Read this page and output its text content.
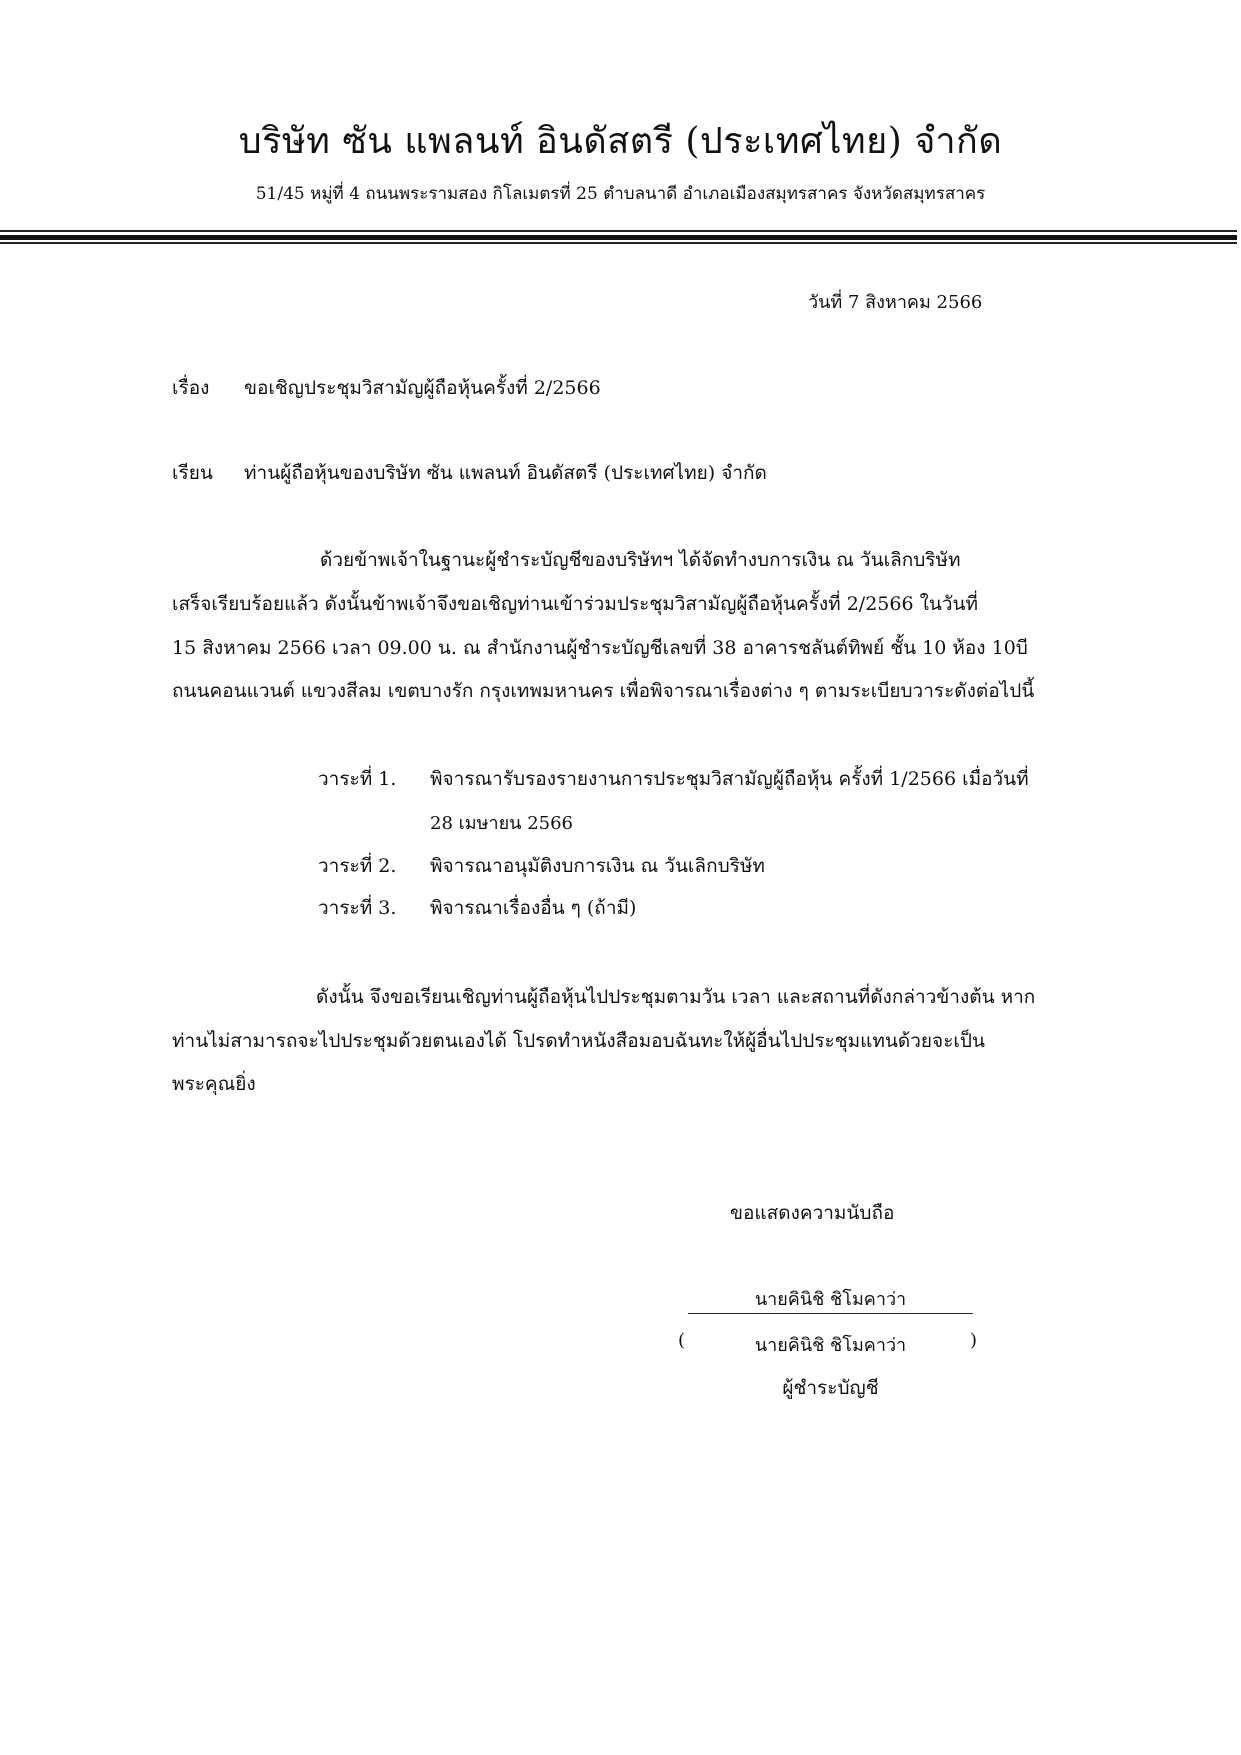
บริษัท ซัน แพลนท์ อินดัสตรี (ประเทศไทย) จำกัด
51/45 หมู่ที่ 4 ถนนพระรามสอง กิโลเมตรที่ 25 ตำบลนาดี อำเภอเมืองสมุทรสาคร จังหวัดสมุทรสาคร
วันที่ 7 สิงหาคม 2566
เรื่อง ขอเชิญประชุมวิสามัญผู้ถือหุ้นครั้งที่ 2/2566
เรียน ท่านผู้ถือหุ้นของบริษัท ซัน แพลนท์ อินดัสตรี (ประเทศไทย) จำกัด
ด้วยข้าพเจ้าในฐานะผู้ชำระบัญชีของบริษัทฯ ได้จัดทำงบการเงิน ณ วันเลิกบริษัท
เสร็จเรียบร้อยแล้ว ดังนั้นข้าพเจ้าจึงขอเชิญท่านเข้าร่วมประชุมวิสามัญผู้ถือหุ้นครั้งที่ 2/2566 ในวันที่
15 สิงหาคม 2566 เวลา 09.00 น. ณ สำนักงานผู้ชำระบัญชีเลขที่ 38 อาคารชลันต์ทิพย์ ชั้น 10 ห้อง 10บี
ถนนคอนแวนต์ แขวงสีลม เขตบางรัก กรุงเทพมหานคร เพื่อพิจารณาเรื่องต่าง ๆ ตามระเบียบวาระดังต่อไปนี้
วาระที่ 1. พิจารณารับรองรายงานการประชุมวิสามัญผู้ถือหุ้น ครั้งที่ 1/2566 เมื่อวันที่
28 เมษายน 2566
วาระที่ 2. พิจารณาอนุมัติงบการเงิน ณ วันเลิกบริษัท
วาระที่ 3. พิจารณาเรื่องอื่น ๆ (ถ้ามี)
ดังนั้น จึงขอเรียนเชิญท่านผู้ถือหุ้นไปประชุมตามวัน เวลา และสถานที่ดังกล่าวข้างต้น หาก
ท่านไม่สามารถจะไปประชุมด้วยตนเองได้ โปรดทำหนังสือมอบฉันทะให้ผู้อื่นไปประชุมแทนด้วยจะเป็น
พระคุณยิ่ง
ขอแสดงความนับถือ
นายคินิชิ ชิโมคาว่า
(	นายคินิชิ ชิโมคาว่า	)
ผู้ชำระบัญชี
